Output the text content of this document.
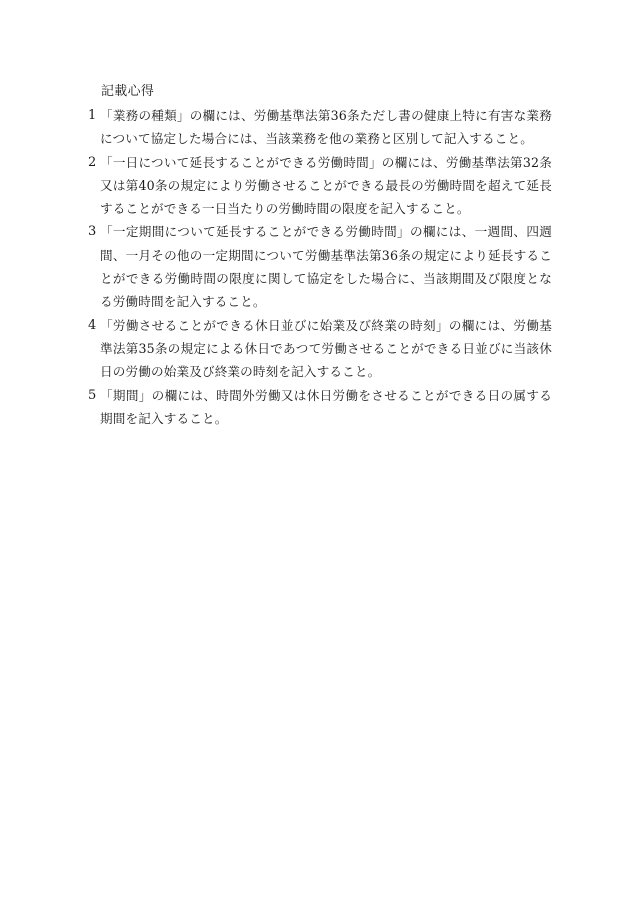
記載心得
1 「業務の種類」の欄には、労働基準法第36条ただし書の健康上特に有害な業務について協定した場合には、当該業務を他の業務と区別して記入すること。
2 「一日について延長することができる労働時間」の欄には、労働基準法第32条又は第40条の規定により労働させることができる最長の労働時間を超えて延長することができる一日当たりの労働時間の限度を記入すること。
3 「一定期間について延長することができる労働時間」の欄には、一週間、四週間、一月その他の一定期間について労働基準法第36条の規定により延長することができる労働時間の限度に関して協定をした場合に、当該期間及び限度となる労働時間を記入すること。
4 「労働させることができる休日並びに始業及び終業の時刻」の欄には、労働基準法第35条の規定による休日であつて労働させることができる日並びに当該休日の労働の始業及び終業の時刻を記入すること。
5 「期間」の欄には、時間外労働又は休日労働をさせることができる日の属する期間を記入すること。
